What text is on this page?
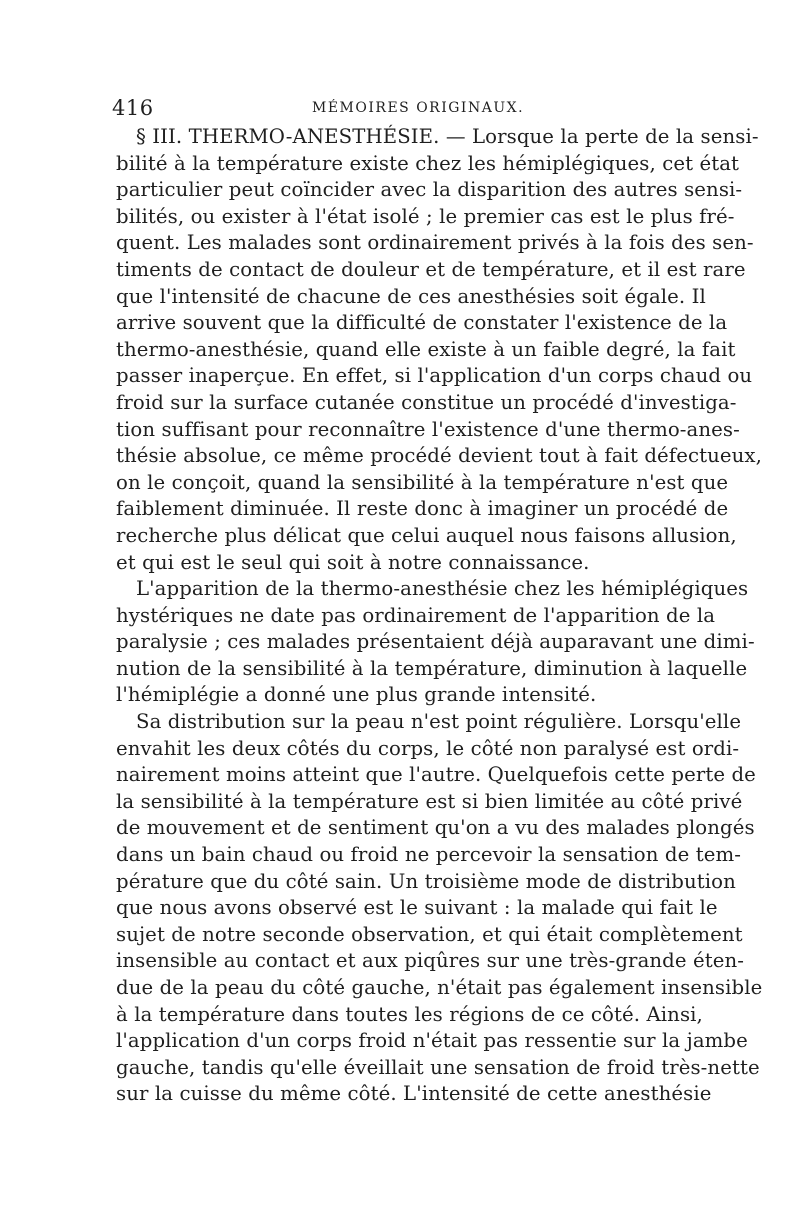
416	MÉMOIRES ORIGINAUX.
§ III. THERMO-ANESTHÉSIE. — Lorsque la perte de la sensi-
bilité à la température existe chez les hémiplégiques, cet état
particulier peut coïncider avec la disparition des autres sensi-
bilités, ou exister à l'état isolé ; le premier cas est le plus fré-
quent. Les malades sont ordinairement privés à la fois des sen-
timents de contact de douleur et de température, et il est rare
que l'intensité de chacune de ces anesthésies soit égale. Il
arrive souvent que la difficulté de constater l'existence de la
thermo-anesthésie, quand elle existe à un faible degré, la fait
passer inaperçue. En effet, si l'application d'un corps chaud ou
froid sur la surface cutanée constitue un procédé d'investiga-
tion suffisant pour reconnaître l'existence d'une thermo-anes-
thésie absolue, ce même procédé devient tout à fait défectueux,
on le conçoit, quand la sensibilité à la température n'est que
faiblement diminuée. Il reste donc à imaginer un procédé de
recherche plus délicat que celui auquel nous faisons allusion,
et qui est le seul qui soit à notre connaissance.
L'apparition de la thermo-anesthésie chez les hémiplégiques
hystériques ne date pas ordinairement de l'apparition de la
paralysie ; ces malades présentaient déjà auparavant une dimi-
nution de la sensibilité à la température, diminution à laquelle
l'hémiplégie a donné une plus grande intensité.
Sa distribution sur la peau n'est point régulière. Lorsqu'elle
envahit les deux côtés du corps, le côté non paralysé est ordi-
nairement moins atteint que l'autre. Quelquefois cette perte de
la sensibilité à la température est si bien limitée au côté privé
de mouvement et de sentiment qu'on a vu des malades plongés
dans un bain chaud ou froid ne percevoir la sensation de tem-
pérature que du côté sain. Un troisième mode de distribution
que nous avons observé est le suivant : la malade qui fait le
sujet de notre seconde observation, et qui était complètement
insensible au contact et aux piqûres sur une très-grande éten-
due de la peau du côté gauche, n'était pas également insensible
à la température dans toutes les régions de ce côté. Ainsi,
l'application d'un corps froid n'était pas ressentie sur la jambe
gauche, tandis qu'elle éveillait une sensation de froid très-nette
sur la cuisse du même côté. L'intensité de cette anesthésie
